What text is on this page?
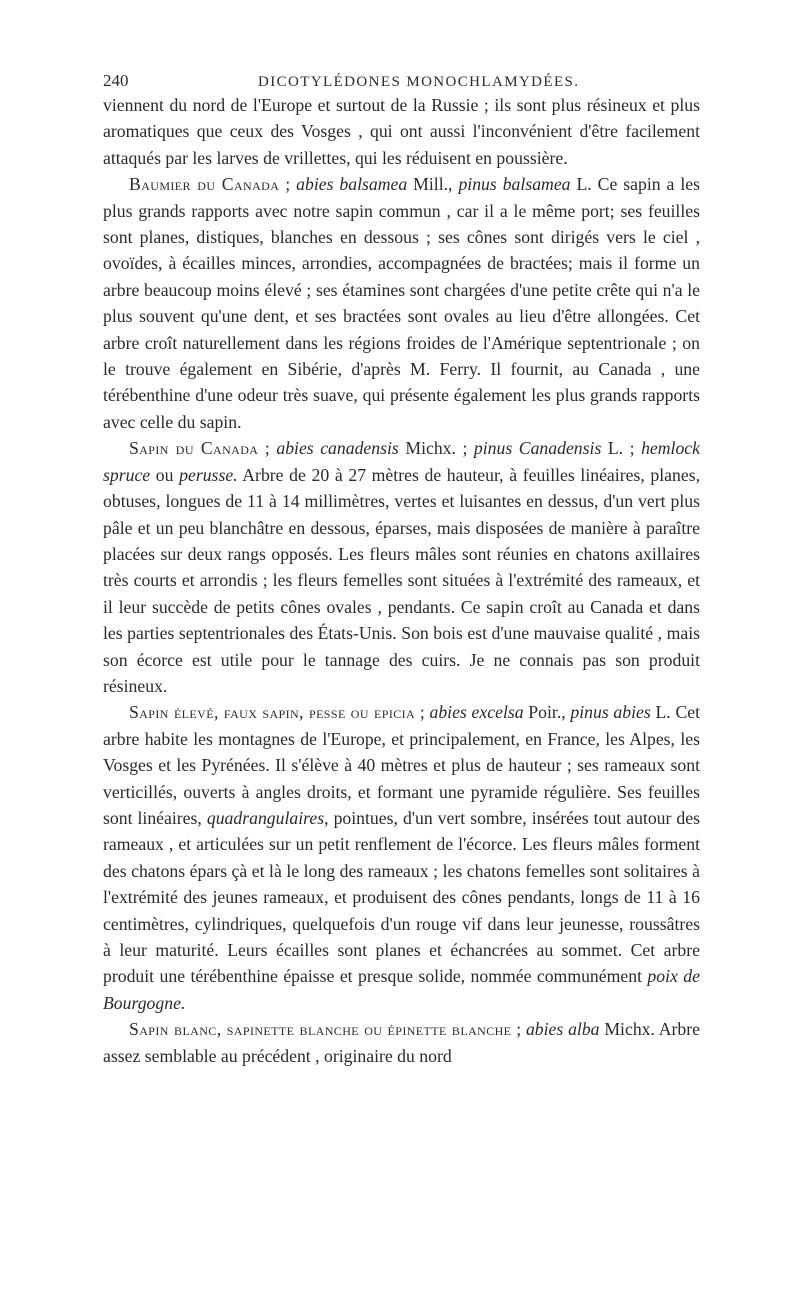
240	DICOTYLÉDONES MONOCHLAMYDÉES.

viennent du nord de l'Europe et surtout de la Russie ; ils sont plus résineux et plus aromatiques que ceux des Vosges , qui ont aussi l'inconvénient d'être facilement attaqués par les larves de vrillettes, qui les réduisent en poussière.

Baumier du Canada ; abies balsamea Mill., pinus balsamea L. Ce sapin a les plus grands rapports avec notre sapin commun , car il a le même port; ses feuilles sont planes, distiques, blanches en dessous ; ses cônes sont dirigés vers le ciel , ovoïdes, à écailles minces, arrondies, accompagnées de bractées; mais il forme un arbre beaucoup moins élevé ; ses étamines sont chargées d'une petite crête qui n'a le plus souvent qu'une dent, et ses bractées sont ovales au lieu d'être allongées. Cet arbre croît naturellement dans les régions froides de l'Amérique septentrionale ; on le trouve également en Sibérie, d'après M. Ferry. Il fournit, au Canada , une térébenthine d'une odeur très suave, qui présente également les plus grands rapports avec celle du sapin.

Sapin du Canada ; abies canadensis Michx. ; pinus Canadensis L. ; hemlock spruce ou perusse. Arbre de 20 à 27 mètres de hauteur, à feuilles linéaires, planes, obtuses, longues de 11 à 14 millimètres, vertes et luisantes en dessus, d'un vert plus pâle et un peu blanchâtre en dessous, éparses, mais disposées de manière à paraître placées sur deux rangs opposés. Les fleurs mâles sont réunies en chatons axillaires très courts et arrondis ; les fleurs femelles sont situées à l'extrémité des rameaux, et il leur succède de petits cônes ovales , pendants. Ce sapin croît au Canada et dans les parties septentrionales des États-Unis. Son bois est d'une mauvaise qualité , mais son écorce est utile pour le tannage des cuirs. Je ne connais pas son produit résineux.

Sapin élevé, faux sapin, pesse ou epicia ; abies excelsa Poir., pinus abies L. Cet arbre habite les montagnes de l'Europe, et principalement, en France, les Alpes, les Vosges et les Pyrénées. Il s'élève à 40 mètres et plus de hauteur ; ses rameaux sont verticillés, ouverts à angles droits, et formant une pyramide régulière. Ses feuilles sont linéaires, quadrangulaires, pointues, d'un vert sombre, insérées tout autour des rameaux , et articulées sur un petit renflement de l'écorce. Les fleurs mâles forment des chatons épars çà et là le long des rameaux ; les chatons femelles sont solitaires à l'extrémité des jeunes rameaux, et produisent des cônes pendants, longs de 11 à 16 centimètres, cylindriques, quelquefois d'un rouge vif dans leur jeunesse, roussâtres à leur maturité. Leurs écailles sont planes et échancrées au sommet. Cet arbre produit une térébenthine épaisse et presque solide, nommée communément poix de Bourgogne.

Sapin blanc, sapinette blanche ou épinette blanche ; abies alba Michx. Arbre assez semblable au précédent , originaire du nord
